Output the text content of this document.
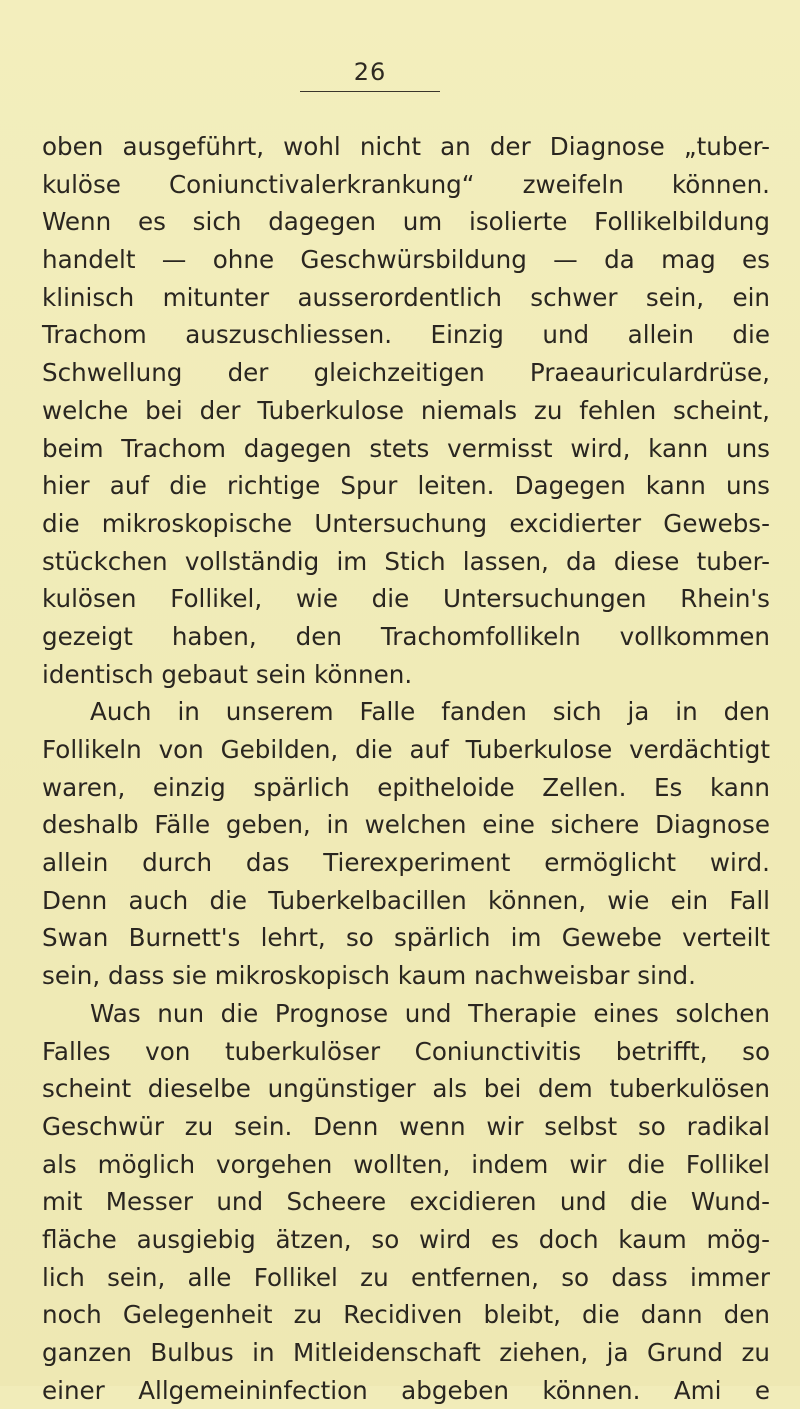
26
oben ausgeführt, wohl nicht an der Diagnose „tuber-
kulöse Coniunctivalerkrankung“ zweifeln können.
Wenn es sich dagegen um isolierte Follikelbildung
handelt — ohne Geschwürsbildung — da mag es
klinisch mitunter ausserordentlich schwer sein, ein
Trachom auszuschliessen. Einzig und allein die
Schwellung der gleichzeitigen Praeauriculardrüse,
welche bei der Tuberkulose niemals zu fehlen scheint,
beim Trachom dagegen stets vermisst wird, kann uns
hier auf die richtige Spur leiten. Dagegen kann uns
die mikroskopische Untersuchung excidierter Gewebs-
stückchen vollständig im Stich lassen, da diese tuber-
kulösen Follikel, wie die Untersuchungen Rhein's
gezeigt haben, den Trachomfollikeln vollkommen
identisch gebaut sein können.
Auch in unserem Falle fanden sich ja in den
Follikeln von Gebilden, die auf Tuberkulose verdächtigt
waren, einzig spärlich epitheloide Zellen. Es kann
deshalb Fälle geben, in welchen eine sichere Diagnose
allein durch das Tierexperiment ermöglicht wird.
Denn auch die Tuberkelbacillen können, wie ein Fall
Swan Burnett's lehrt, so spärlich im Gewebe verteilt
sein, dass sie mikroskopisch kaum nachweisbar sind.
Was nun die Prognose und Therapie eines solchen
Falles von tuberkulöser Coniunctivitis betrifft, so
scheint dieselbe ungünstiger als bei dem tuberkulösen
Geschwür zu sein. Denn wenn wir selbst so radikal
als möglich vorgehen wollten, indem wir die Follikel
mit Messer und Scheere excidieren und die Wund-
fläche ausgiebig ätzen, so wird es doch kaum mög-
lich sein, alle Follikel zu entfernen, so dass immer
noch Gelegenheit zu Recidiven bleibt, die dann den
ganzen Bulbus in Mitleidenschaft ziehen, ja Grund zu
einer Allgemeininfection abgeben können. Ami e
